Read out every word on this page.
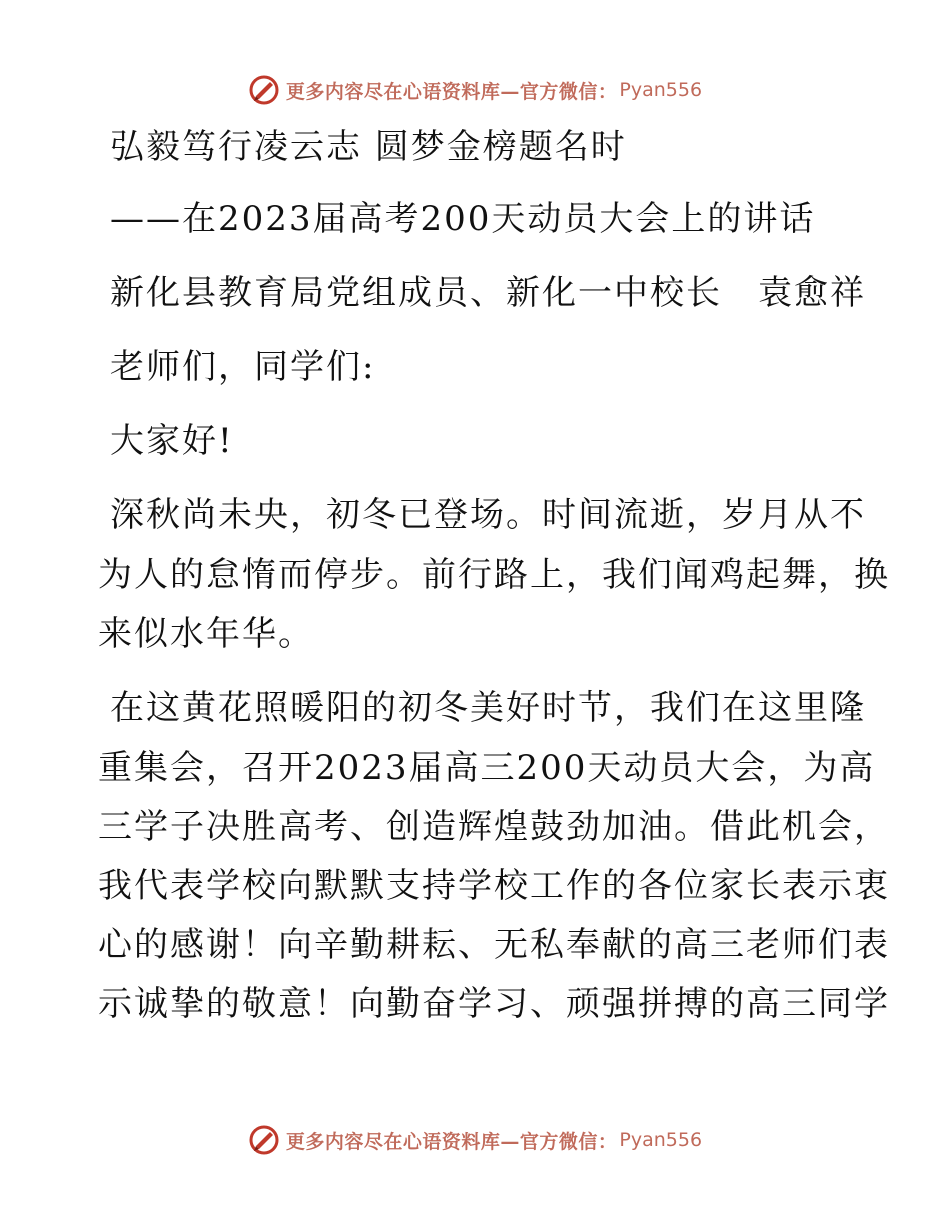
更多内容尽在心语资料库—官方微信： Pyan556
弘毅笃行凌云志 圆梦金榜题名时
——在2023届高考200天动员大会上的讲话
新化县教育局党组成员、新化一中校长　袁愈祥
老师们，同学们:
大家好!
深秋尚未央，初冬已登场。时间流逝，岁月从不
为人的怠惰而停步。前行路上，我们闻鸡起舞，换
来似水年华。
在这黄花照暖阳的初冬美好时节，我们在这里隆
重集会，召开2023届高三200天动员大会，为高
三学子决胜高考、创造辉煌鼓劲加油。借此机会，
我代表学校向默默支持学校工作的各位家长表示衷
心的感谢！向辛勤耕耘、无私奉献的高三老师们表
示诚挚的敬意！向勤奋学习、顽强拼搏的高三同学
更多内容尽在心语资料库—官方微信： Pyan556
